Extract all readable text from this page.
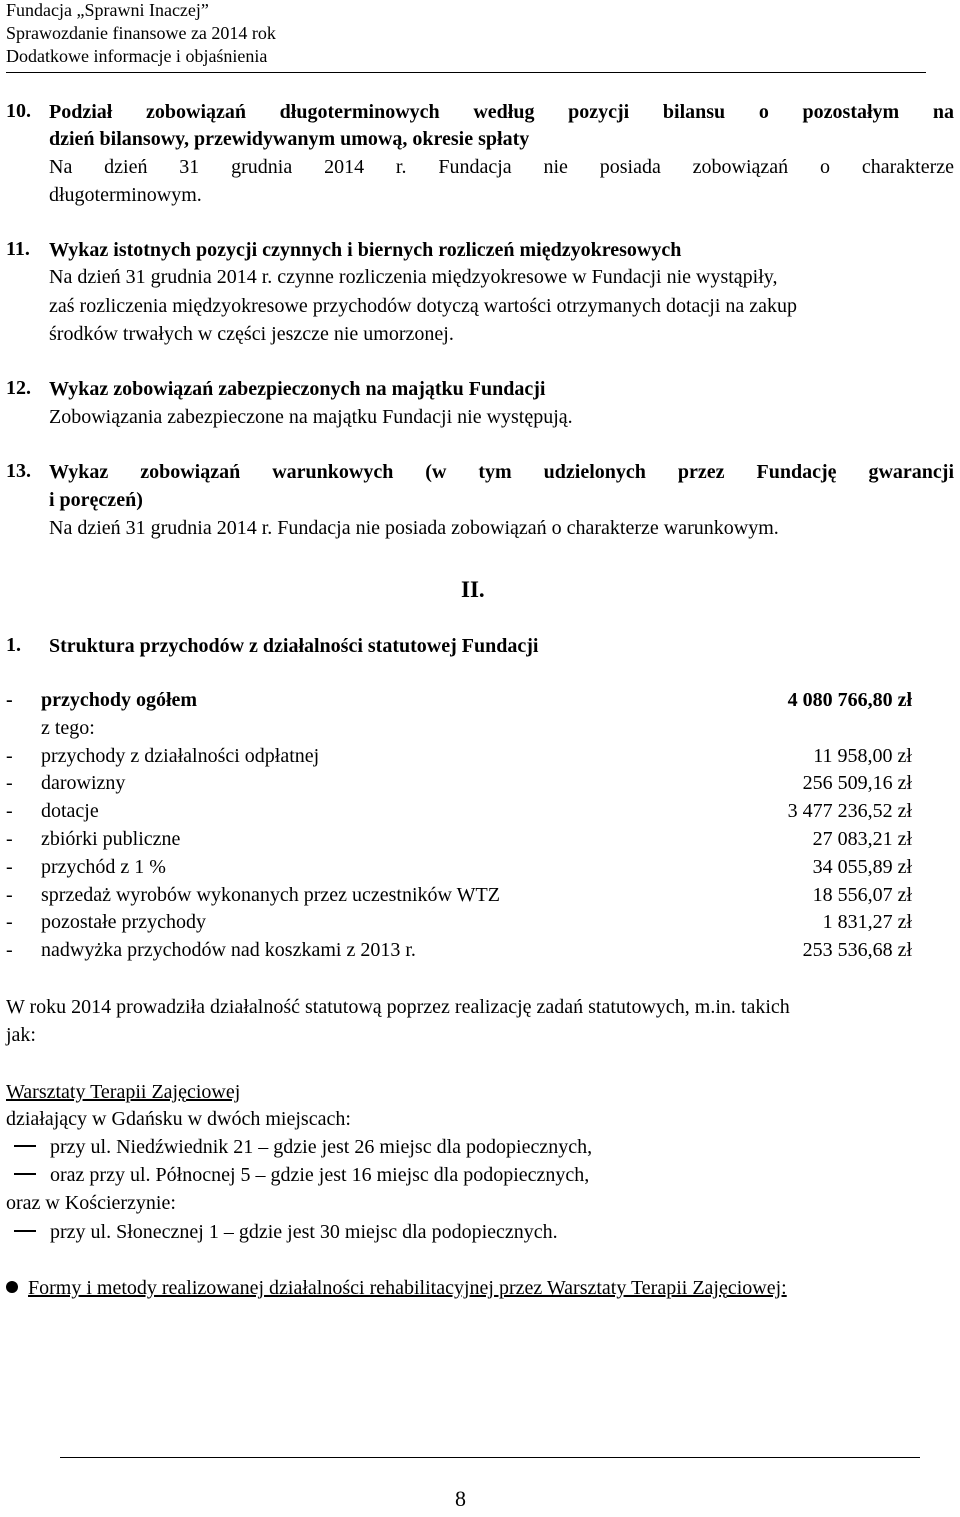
Fundacja „Sprawni Inaczej”
Sprawozdanie finansowe za 2014 rok
Dodatkowe informacje i objaśnienia
10. Podział zobowiązań długoterminowych według pozycji bilansu o pozostałym na
dzień bilansowy, przewidywanym umową, okresie spłaty
Na dzień 31 grudnia 2014 r. Fundacja nie posiada zobowiązań o charakterze
długoterminowym.
11. Wykaz istotnych pozycji czynnych i biernych rozliczeń międzyokresowych
Na dzień 31 grudnia 2014 r. czynne rozliczenia międzyokresowe w Fundacji nie wystąpiły,
zaś rozliczenia międzyokresowe przychodów dotyczą wartości otrzymanych dotacji na zakup
środków trwałych w części jeszcze nie umorzonej.
12. Wykaz zobowiązań zabezpieczonych na majątku Fundacji
Zobowiązania zabezpieczone na majątku Fundacji nie występują.
13. Wykaz zobowiązań warunkowych (w tym udzielonych przez Fundację gwarancji
i poręczeń)
Na dzień 31 grudnia 2014 r. Fundacja nie posiada zobowiązań o charakterze warunkowym.
II.
1. Struktura przychodów z działalności statutowej Fundacji
- przychody ogółem	4 080 766,80 zł
z tego:
- przychody z działalności odpłatnej	11 958,00 zł
- darowizny	256 509,16 zł
- dotacje	3 477 236,52 zł
- zbiórki publiczne	27 083,21 zł
- przychód z 1 %	34 055,89 zł
- sprzedaż wyrobów wykonanych przez uczestników WTZ	18 556,07 zł
- pozostałe przychody	1 831,27 zł
- nadwyżka przychodów nad koszkami z 2013 r.	253 536,68 zł
W roku 2014 prowadziła działalność statutową poprzez realizację zadań statutowych, m.in. takich
jak:
Warsztaty Terapii Zajęciowej
działający w Gdańsku w dwóch miejscach:
przy ul. Niedźwiednik 21 – gdzie jest 26 miejsc dla podopiecznych,
oraz przy ul. Północnej 5 – gdzie jest 16 miejsc dla podopiecznych,
oraz w Kościerzynie:
przy ul. Słonecznej 1 – gdzie jest 30 miejsc dla podopiecznych.
Formy i metody realizowanej działalności rehabilitacyjnej przez Warsztaty Terapii Zajęciowej:
8
